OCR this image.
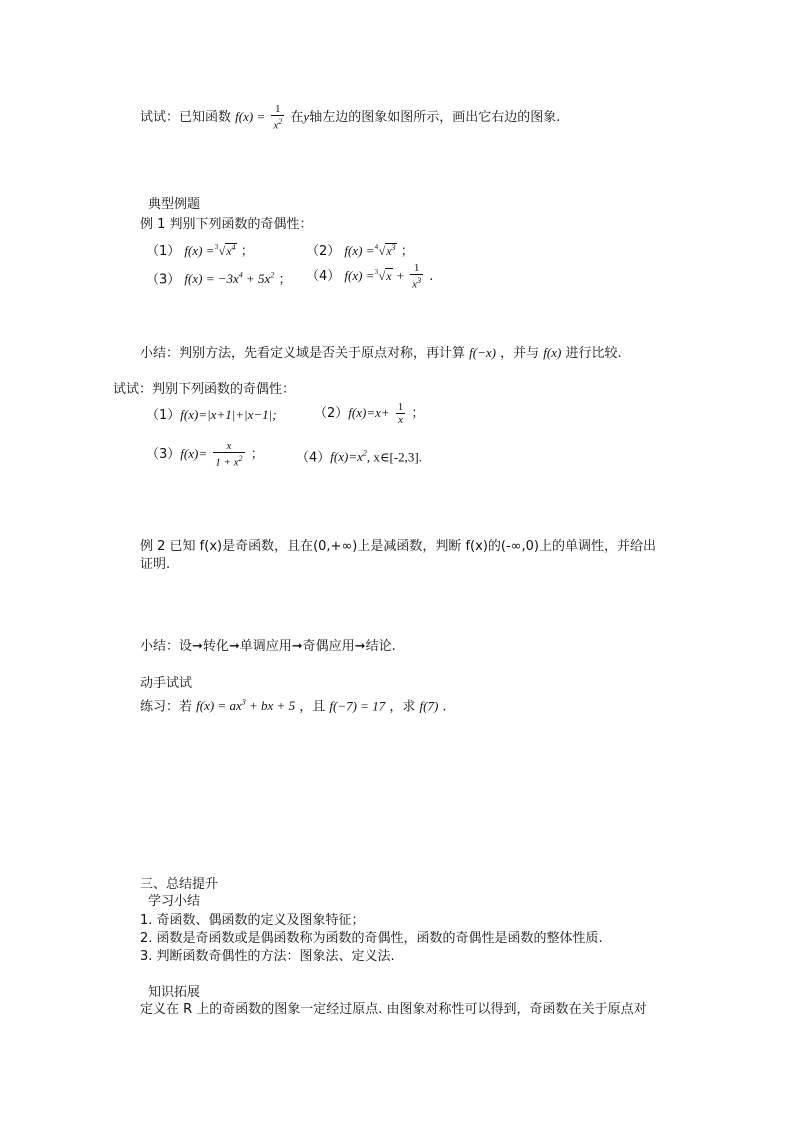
试试：已知函数 $f(x) = \frac{1}{x^2}$ 在y轴左边的图象如图所示，画出它右边的图象.
典型例题
例 1 判别下列函数的奇偶性：
（1） f(x) = 3 $√x^4$ ；	（2） f(x) = 4 $√x^3$ ；
（3） $f(x) = -3x^4 + 5x^2$ ； （4） f(x) = 3 $√x + \frac{1}{x^3}$ .
小结：判别方法，先看定义域是否关于原点对称，再计算 f(−x) ，并与 f(x) 进行比较.
试试：判别下列函数的奇偶性：
（1）f(x)=|x+1|+|x−1|;	$(2)f(x)=x+ \frac{1}{x}$ ；
$(3)f(x)= \frac{x}{1 + x^2}$ ； $(4)f(x)=x^2$, x∈[-2,3].
例 2 已知 f(x)是奇函数，且在(0,+∞)上是减函数，判断 f(x)的(-∞,0)上的单调性，并给出
证明.
小结：设➞转化➞单调应用➞奇偶应用➞结论.
动手试试
练习：若 $f(x) = ax^3$ + bx + 5 ，且 f(−7) = 17 ，求 f(7) .
三、总结提升
学习小结
1. 奇函数、偶函数的定义及图象特征；
2. 函数是奇函数或是偶函数称为函数的奇偶性，函数的奇偶性是函数的整体性质.
3. 判断函数奇偶性的方法：图象法、定义法.
知识拓展
定义在 R 上的奇函数的图象一定经过原点. 由图象对称性可以得到，奇函数在关于原点对
